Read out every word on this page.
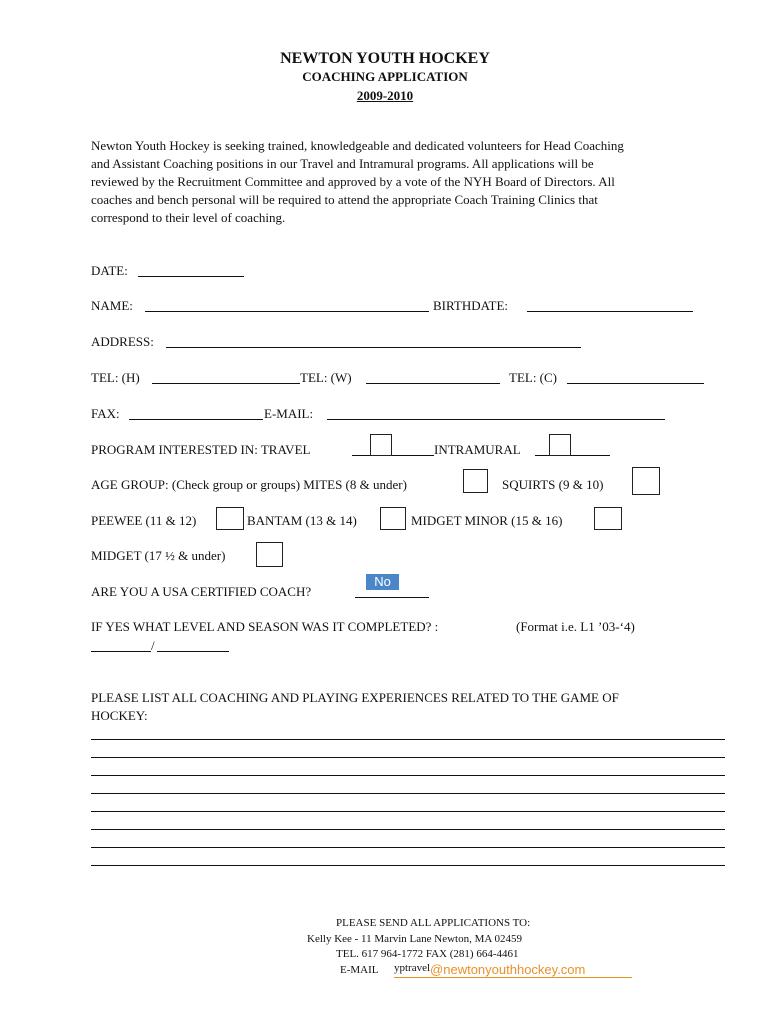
NEWTON YOUTH HOCKEY
COACHING APPLICATION
2009-2010
Newton Youth Hockey is seeking trained, knowledgeable and dedicated volunteers for Head Coaching
and Assistant Coaching positions in our Travel and Intramural programs. All applications will be
reviewed by the Recruitment Committee and approved by a vote of the NYH Board of Directors. All
coaches and bench personal will be required to attend the appropriate Coach Training Clinics that
correspond to their level of coaching.
DATE:
NAME:	BIRTHDATE:
ADDRESS:
TEL: (H)	TEL: (W)	TEL: (C)
FAX:	E-MAIL:
PROGRAM INTERESTED IN: TRAVEL	INTRAMURAL
AGE GROUP: (Check group or groups) MITES (8 & under)	SQUIRTS (9 & 10)
PEEWEE (11 & 12)	BANTAM (13 & 14)	MIDGET MINOR (15 & 16)
MIDGET (17 ½ & under)
ARE YOU A USA CERTIFIED COACH?
No
IF YES WHAT LEVEL AND SEASON WAS IT COMPLETED? :	(Format i.e. L1 ’03-‘4)
/
PLEASE LIST ALL COACHING AND PLAYING EXPERIENCES RELATED TO THE GAME OF
HOCKEY:
PLEASE SEND ALL APPLICATIONS TO:
Kelly Kee - 11 Marvin Lane Newton, MA 02459
TEL. 617 964-1772 FAX (281) 664-4461
E-MAIL $^{yptravel@newtonyouthhockey.com}$
